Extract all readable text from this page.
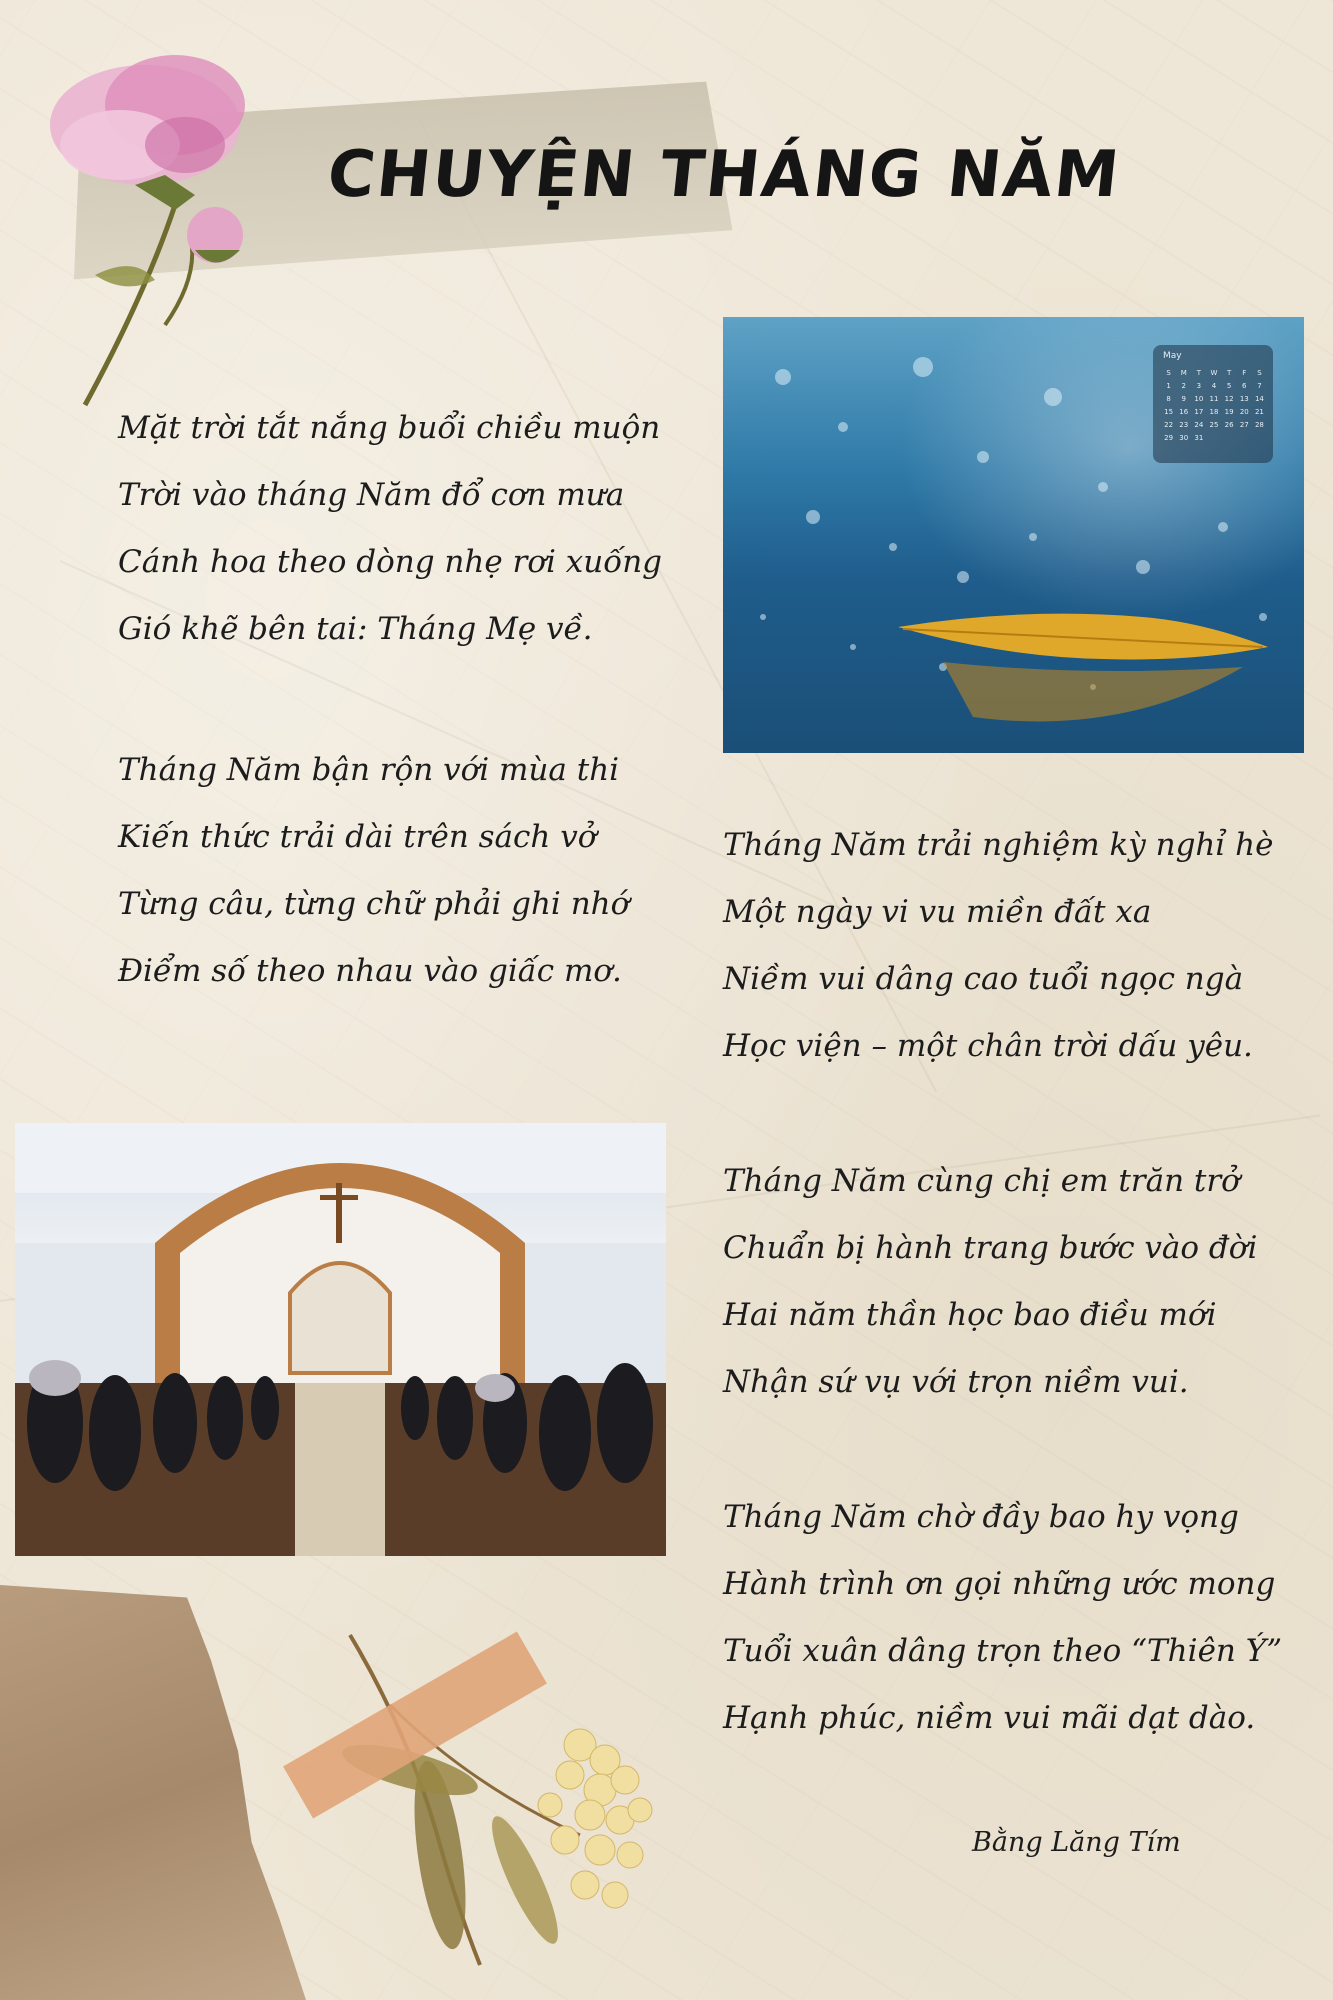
CHUYỆN THÁNG NĂM
May
S	M	T	W	T	F	S
1	2	3	4	5	6	7
8	9	10 11 12 13 14
15 16 17 18 19 20 21
22 23 24 25 26 27 28
29 30 31
Mặt trời tắt nắng buổi chiều muộn
Trời vào tháng Năm đổ cơn mưa
Cánh hoa theo dòng nhẹ rơi xuống
Gió khẽ bên tai: Tháng Mẹ về.
Tháng Năm bận rộn với mùa thi
Kiến thức trải dài trên sách vở
Từng câu, từng chữ phải ghi nhớ
Điểm số theo nhau vào giấc mơ.
Tháng Năm trải nghiệm kỳ nghỉ hè
Một ngày vi vu miền đất xa
Niềm vui dâng cao tuổi ngọc ngà
Học viện – một chân trời dấu yêu.
Tháng Năm cùng chị em trăn trở
Chuẩn bị hành trang bước vào đời
Hai năm thần học bao điều mới
Nhận sứ vụ với trọn niềm vui.
Tháng Năm chờ đầy bao hy vọng
Hành trình ơn gọi những ước mong
Tuổi xuân dâng trọn theo “Thiên Ý”
Hạnh phúc, niềm vui mãi dạt dào.
Bằng Lăng Tím
